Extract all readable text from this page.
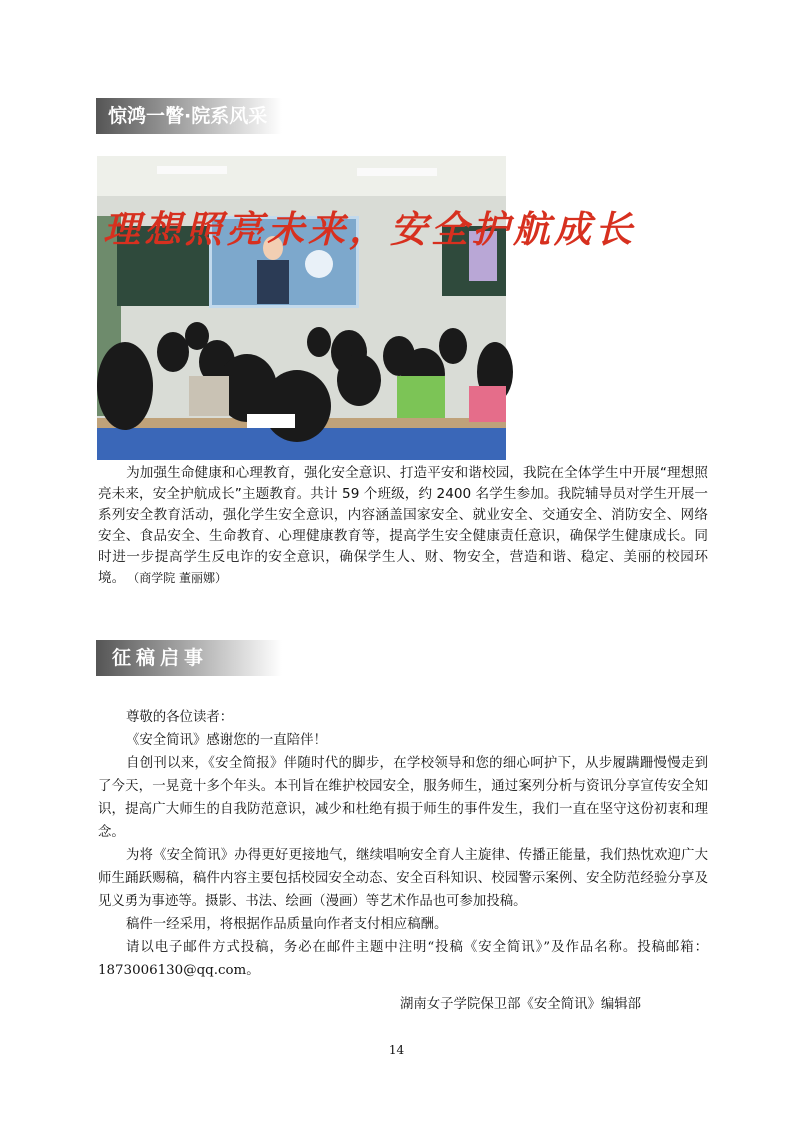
惊鸿一瞥·院系风采
理想照亮未来，安全护航成长

为加强生命健康和心理教育，强化安全意识、打造平安和谐校园，我院在全体学生中开展“理想照亮未来，安全护航成长”主题教育。共计 59 个班级，约 2400 名学生参加。我院辅导员对学生开展一系列安全教育活动，强化学生安全意识，内容涵盖国家安全、就业安全、交通安全、消防安全、网络安全、食品安全、生命教育、心理健康教育等，提高学生安全健康责任意识，确保学生健康成长。同时进一步提高学生反电诈的安全意识，确保学生人、财、物安全，营造和谐、稳定、美丽的校园环境。 （商学院 董丽娜）

征稿启事

尊敬的各位读者：

《安全简讯》感谢您的一直陪伴！

自创刊以来，《安全简报》伴随时代的脚步，在学校领导和您的细心呵护下，从步履蹒跚慢慢走到了今天，一晃竟十多个年头。本刊旨在维护校园安全，服务师生，通过案列分析与资讯分享宣传安全知识，提高广大师生的自我防范意识，减少和杜绝有损于师生的事件发生，我们一直在坚守这份初衷和理念。

为将《安全简讯》办得更好更接地气，继续唱响安全育人主旋律、传播正能量，我们热忱欢迎广大师生踊跃赐稿，稿件内容主要包括校园安全动态、安全百科知识、校园警示案例、安全防范经验分享及见义勇为事迹等。摄影、书法、绘画（漫画）等艺术作品也可参加投稿。

稿件一经采用，将根据作品质量向作者支付相应稿酬。

请以电子邮件方式投稿，务必在邮件主题中注明“投稿《安全简讯》”及作品名称。投稿邮箱：1873006130@qq.com。

湖南女子学院保卫部《安全简讯》编辑部
14
